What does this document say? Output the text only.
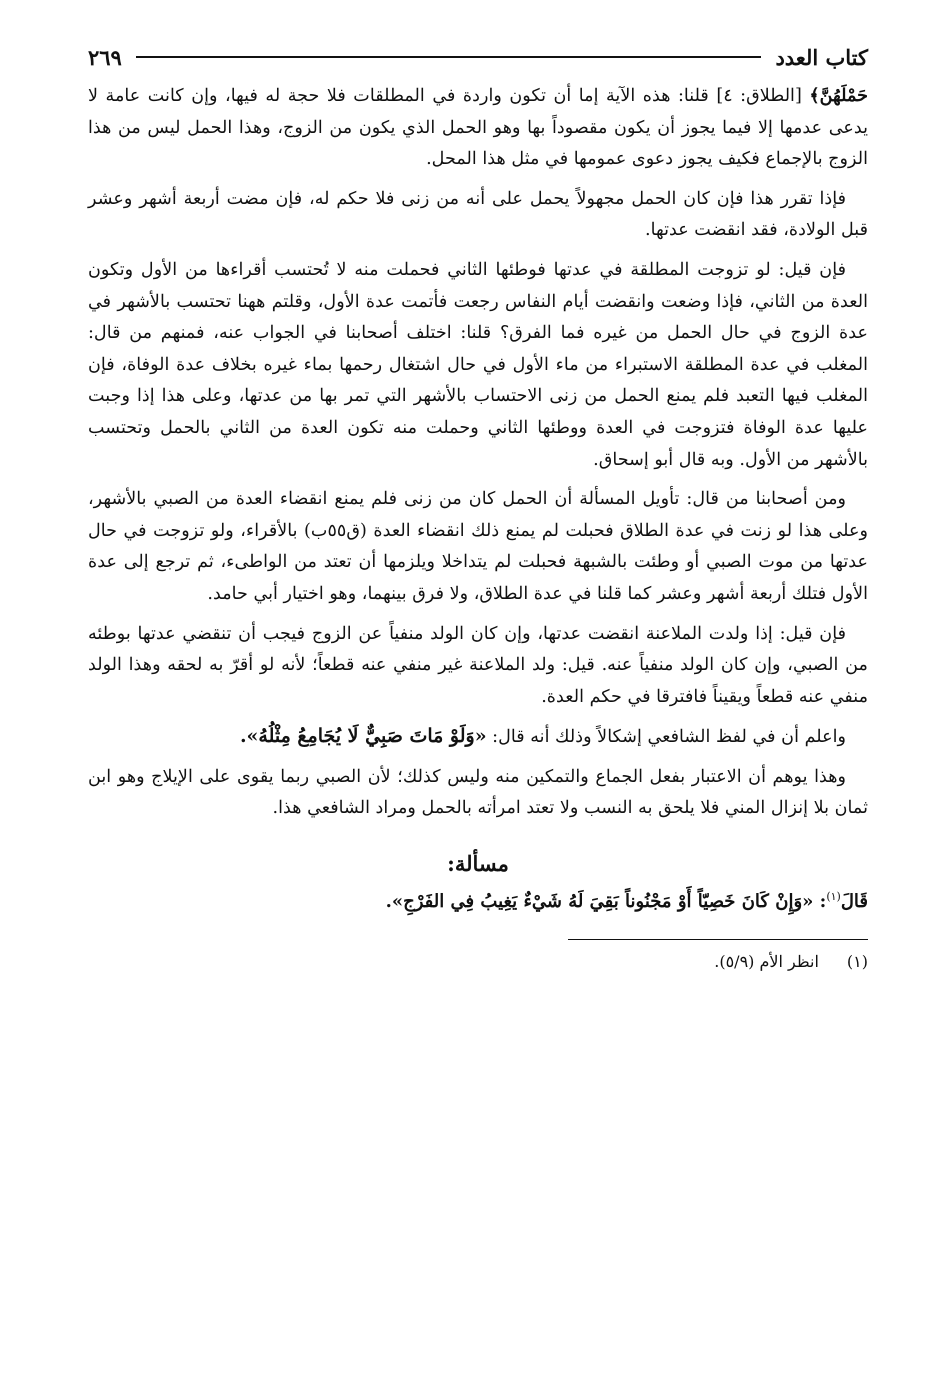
كتاب العدد
٢٦٩

حَمْلَهُنَّ﴾ [الطلاق: ٤] قلنا: هذه الآية إما أن تكون واردة في المطلقات فلا حجة له فيها، وإن كانت عامة لا يدعى عدمها إلا فيما يجوز أن يكون مقصوداً بها وهو الحمل الذي يكون من الزوج، وهذا الحمل ليس من هذا الزوج بالإجماع فكيف يجوز دعوى عمومها في مثل هذا المحل.

فإذا تقرر هذا فإن كان الحمل مجهولاً يحمل على أنه من زنى فلا حكم له، فإن مضت أربعة أشهر وعشر قبل الولادة، فقد انقضت عدتها.

فإن قيل: لو تزوجت المطلقة في عدتها فوطئها الثاني فحملت منه لا تُحتسب أقراءها من الأول وتكون العدة من الثاني، فإذا وضعت وانقضت أيام النفاس رجعت فأتمت عدة الأول، وقلتم ههنا تحتسب بالأشهر في عدة الزوج في حال الحمل من غيره فما الفرق؟ قلنا: اختلف أصحابنا في الجواب عنه، فمنهم من قال: المغلب في عدة المطلقة الاستبراء من ماء الأول في حال اشتغال رحمها بماء غيره بخلاف عدة الوفاة، فإن المغلب فيها التعبد فلم يمنع الحمل من زنى الاحتساب بالأشهر التي تمر بها من عدتها، وعلى هذا إذا وجبت عليها عدة الوفاة فتزوجت في العدة ووطئها الثاني وحملت منه تكون العدة من الثاني بالحمل وتحتسب بالأشهر من الأول. وبه قال أبو إسحاق.

ومن أصحابنا من قال: تأويل المسألة أن الحمل كان من زنى فلم يمنع انقضاء العدة من الصبي بالأشهر، وعلى هذا لو زنت في عدة الطلاق فحبلت لم يمنع ذلك انقضاء العدة (ق٥٥ب) بالأقراء، ولو تزوجت في حال عدتها من موت الصبي أو وطئت بالشبهة فحبلت لم يتداخلا ويلزمها أن تعتد من الواطىء، ثم ترجع إلى عدة الأول فتلك أربعة أشهر وعشر كما قلنا في عدة الطلاق، ولا فرق بينهما، وهو اختيار أبي حامد.

فإن قيل: إذا ولدت الملاعنة انقضت عدتها، وإن كان الولد منفياً عن الزوج فيجب أن تنقضي عدتها بوطئه من الصبي، وإن كان الولد منفياً عنه. قيل: ولد الملاعنة غير منفي عنه قطعاً؛ لأنه لو أقرّ به لحقه وهذا الولد منفي عنه قطعاً ويقيناً فافترقا في حكم العدة.

واعلم أن في لفظ الشافعي إشكالاً وذلك أنه قال: «وَلَوْ مَاتَ صَبِيٌّ لَا يُجَامِعُ مِثْلُهُ».

وهذا يوهم أن الاعتبار بفعل الجماع والتمكين منه وليس كذلك؛ لأن الصبي ربما يقوى على الإيلاج وهو ابن ثمان بلا إنزال المني فلا يلحق به النسب ولا تعتد امرأته بالحمل ومراد الشافعي هذا.

مسألة:
قَالَ$^{(١)}$: «وَإِنْ كَانَ خَصِيّاً أَوْ مَجْنُوناً بَقِيَ لَهُ شَيْءٌ يَغِيبُ فِي الفَرْجِ».
(١) انظر الأم (٥/٩).
